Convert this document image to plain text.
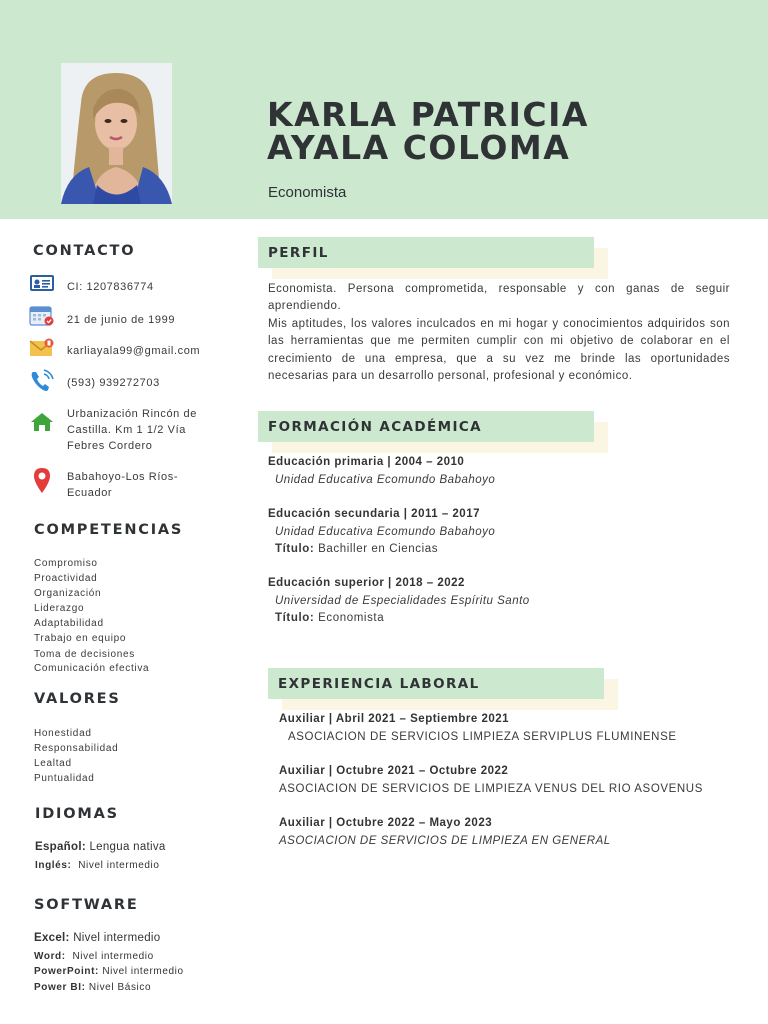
KARLA PATRICIA
AYALA COLOMA
Economista
CONTACTO
CI: 1207836774
21 de junio de 1999
karliayala99@gmail.com
(593) 939272703
Urbanización Rincón de
Castilla. Km 1 1/2 Vía
Febres Cordero
Babahoyo-Los Ríos-
Ecuador
COMPETENCIAS
Compromiso
Proactividad
Organización
Liderazgo
Adaptabilidad
Trabajo en equipo
Toma de decisiones
Comunicación efectiva
VALORES
Honestidad
Responsabilidad
Lealtad
Puntualidad
IDIOMAS
Español: Lengua nativa
Inglés: Nivel intermedio
SOFTWARE
Excel: Nivel intermedio
Word: Nivel intermedio
PowerPoint: Nivel intermedio
Power BI: Nivel Básico
PERFIL

Economista. Persona comprometida, responsable y con ganas de seguir aprendiendo.

Mis aptitudes, los valores inculcados en mi hogar y conocimientos adquiridos son las herramientas que me permiten cumplir con mi objetivo de colaborar en el crecimiento de una empresa, que a su vez me brinde las oportunidades necesarias para un desarrollo personal, profesional y económico.

FORMACIÓN ACADÉMICA
Educación primaria | 2004 – 2010
Unidad Educativa Ecomundo Babahoyo
Educación secundaria | 2011 – 2017
Unidad Educativa Ecomundo Babahoyo
Título: Bachiller en Ciencias
Educación superior | 2018 – 2022
Universidad de Especialidades Espíritu Santo
Título: Economista
EXPERIENCIA LABORAL
Auxiliar | Abril 2021 – Septiembre 2021
ASOCIACION DE SERVICIOS LIMPIEZA SERVIPLUS FLUMINENSE
Auxiliar | Octubre 2021 – Octubre 2022
ASOCIACION DE SERVICIOS DE LIMPIEZA VENUS DEL RIO ASOVENUS
Auxiliar | Octubre 2022 – Mayo 2023
ASOCIACION DE SERVICIOS DE LIMPIEZA EN GENERAL
